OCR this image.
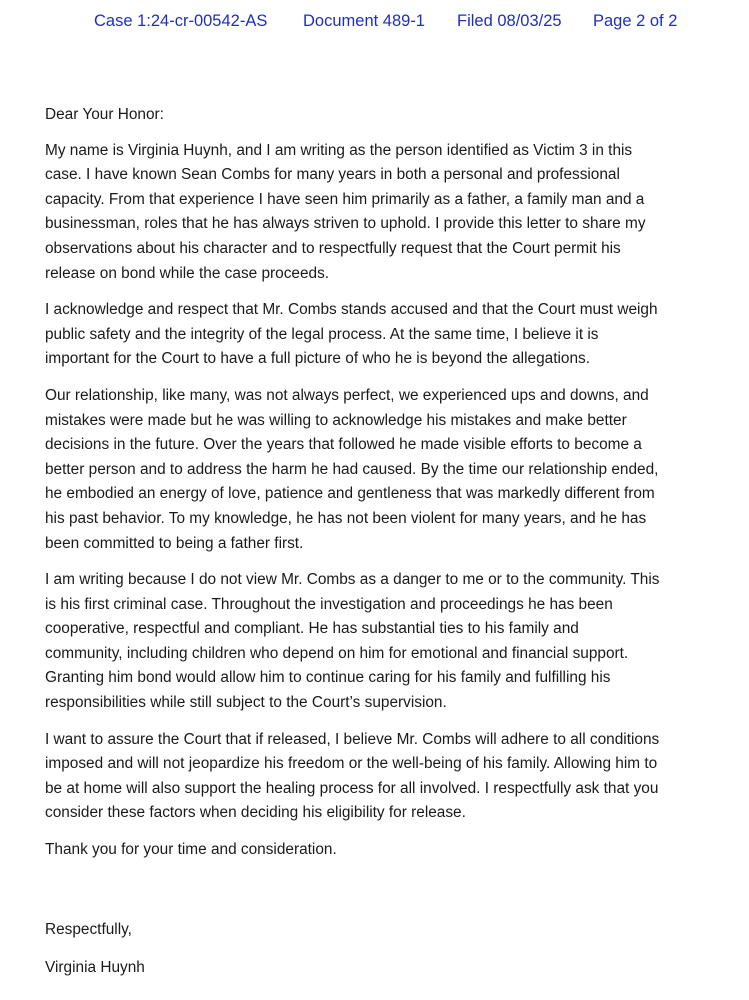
Case 1:24-cr-00542-AS	Document 489-1	Filed 08/03/25	Page 2 of 2

Dear Your Honor:

My name is Virginia Huynh, and I am writing as the person identified as Victim 3 in this
case. I have known Sean Combs for many years in both a personal and professional
capacity. From that experience I have seen him primarily as a father, a family man and a
businessman, roles that he has always striven to uphold. I provide this letter to share my
observations about his character and to respectfully request that the Court permit his
release on bond while the case proceeds.

I acknowledge and respect that Mr. Combs stands accused and that the Court must weigh
public safety and the integrity of the legal process. At the same time, I believe it is
important for the Court to have a full picture of who he is beyond the allegations.

Our relationship, like many, was not always perfect, we experienced ups and downs, and
mistakes were made but he was willing to acknowledge his mistakes and make better
decisions in the future. Over the years that followed he made visible efforts to become a
better person and to address the harm he had caused. By the time our relationship ended,
he embodied an energy of love, patience and gentleness that was markedly different from
his past behavior. To my knowledge, he has not been violent for many years, and he has
been committed to being a father first.

I am writing because I do not view Mr. Combs as a danger to me or to the community. This
is his first criminal case. Throughout the investigation and proceedings he has been
cooperative, respectful and compliant. He has substantial ties to his family and
community, including children who depend on him for emotional and financial support.
Granting him bond would allow him to continue caring for his family and fulfilling his
responsibilities while still subject to the Court’s supervision.

I want to assure the Court that if released, I believe Mr. Combs will adhere to all conditions
imposed and will not jeopardize his freedom or the well-being of his family. Allowing him to
be at home will also support the healing process for all involved. I respectfully ask that you
consider these factors when deciding his eligibility for release.

Thank you for your time and consideration.

Respectfully,
Virginia Huynh
